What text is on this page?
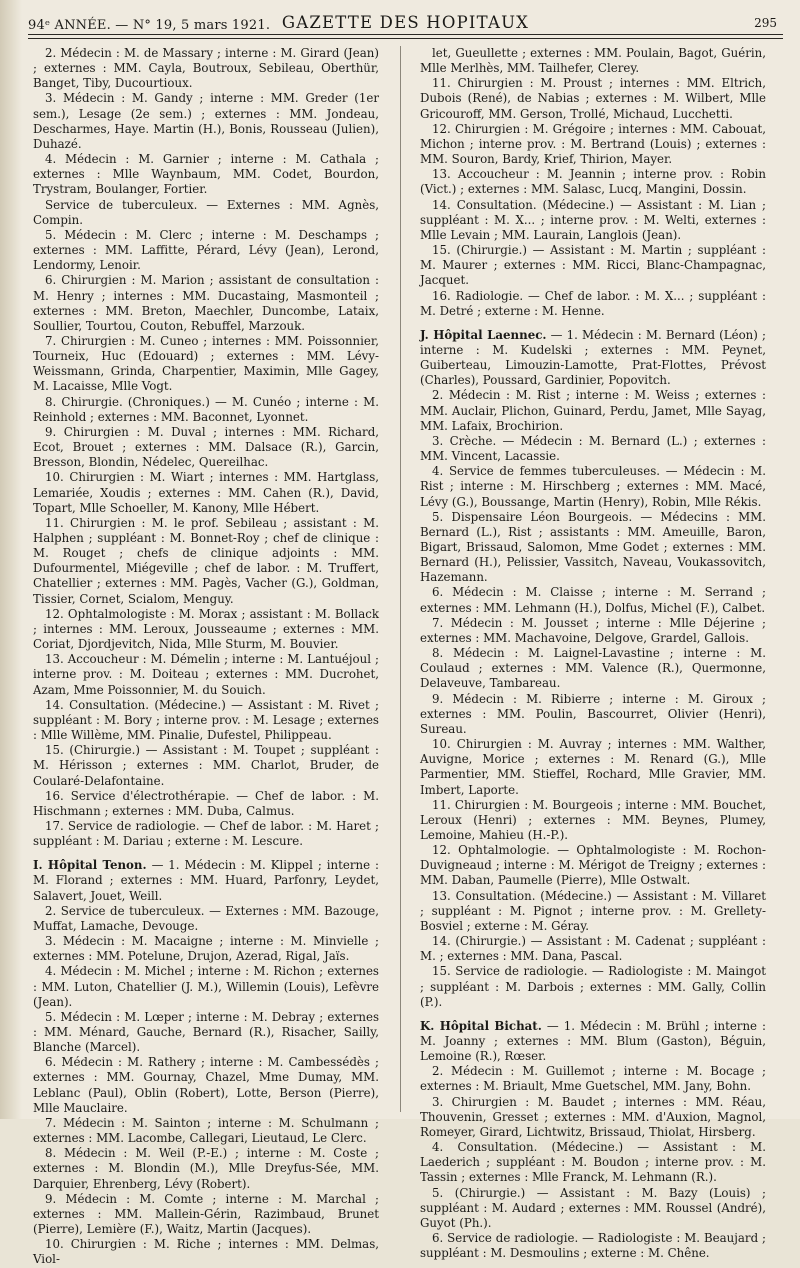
94ᵉ ANNÉE. — N° 19, 5 mars 1921. GAZETTE DES HOPITAUX	295

2. Médecin : M. de Massary ; interne : M. Girard (Jean) ; externes : MM. Cayla, Boutroux, Sebileau, Oberthür, Banget, Tiby, Ducourtioux.

3. Médecin : M. Gandy ; interne : MM. Greder (1er sem.), Lesage (2e sem.) ; externes : MM. Jondeau, Descharmes, Haye. Martin (H.), Bonis, Rousseau (Julien), Duhazé.

4. Médecin : M. Garnier ; interne : M. Cathala ; externes : Mlle Waynbaum, MM. Codet, Bourdon, Trystram, Boulanger, Fortier.

Service de tuberculeux. — Externes : MM. Agnès, Compin.

5. Médecin : M. Clerc ; interne : M. Deschamps ; externes : MM. Laffitte, Pérard, Lévy (Jean), Lerond, Lendormy, Lenoir.

6. Chirurgien : M. Marion ; assistant de consultation : M. Henry ; internes : MM. Ducastaing, Masmonteil ; externes : MM. Breton, Maechler, Duncombe, Lataix, Soullier, Tourtou, Couton, Rebuffel, Marzouk.

7. Chirurgien : M. Cuneo ; internes : MM. Poissonnier, Tourneix, Huc (Edouard) ; externes : MM. Lévy-Weissmann, Grinda, Charpentier, Maximin, Mlle Gagey, M. Lacaisse, Mlle Vogt.

8. Chirurgie. (Chroniques.) — M. Cunéo ; interne : M. Reinhold ; externes : MM. Baconnet, Lyonnet.

9. Chirurgien : M. Duval ; internes : MM. Richard, Ecot, Brouet ; externes : MM. Dalsace (R.), Garcin, Bresson, Blondin, Nédelec, Quereilhac.

10. Chirurgien : M. Wiart ; internes : MM. Hartglass, Lemariée, Xoudis ; externes : MM. Cahen (R.), David, Topart, Mlle Schoeller, M. Kanony, Mlle Hébert.

11. Chirurgien : M. le prof. Sebileau ; assistant : M. Halphen ; suppléant : M. Bonnet-Roy ; chef de clinique : M. Rouget ; chefs de clinique adjoints : MM. Dufourmentel, Miégeville ; chef de labor. : M. Truffert, Chatellier ; externes : MM. Pagès, Vacher (G.), Goldman, Tissier, Cornet, Scialom, Menguy.

12. Ophtalmologiste : M. Morax ; assistant : M. Bollack ; internes : MM. Leroux, Jousseaume ; externes : MM. Coriat, Djordjevitch, Nida, Mlle Sturm, M. Bouvier.

13. Accoucheur : M. Démelin ; interne : M. Lantuéjoul ; interne prov. : M. Doiteau ; externes : MM. Ducrohet, Azam, Mme Poissonnier, M. du Souich.

14. Consultation. (Médecine.) — Assistant : M. Rivet ; suppléant : M. Bory ; interne prov. : M. Lesage ; externes : Mlle Willème, MM. Pinalie, Dufestel, Philippeau.

15. (Chirurgie.) — Assistant : M. Toupet ; suppléant : M. Hérisson ; externes : MM. Charlot, Bruder, de Coularé-Delafontaine.

16. Service d'électrothérapie. — Chef de labor. : M. Hischmann ; externes : MM. Duba, Calmus.

17. Service de radiologie. — Chef de labor. : M. Haret ; suppléant : M. Dariau ; externe : M. Lescure.

I. Hôpital Tenon. — 1. Médecin : M. Klippel ; interne : M. Florand ; externes : MM. Huard, Parfonry, Leydet, Salavert, Jouet, Weill.

2. Service de tuberculeux. — Externes : MM. Bazouge, Muffat, Lamache, Devouge.

3. Médecin : M. Macaigne ; interne : M. Minvielle ; externes : MM. Potelune, Drujon, Azerad, Rigal, Jaïs.

4. Médecin : M. Michel ; interne : M. Richon ; externes : MM. Luton, Chatellier (J. M.), Willemin (Louis), Lefèvre (Jean).

5. Médecin : M. Lœper ; interne : M. Debray ; externes : MM. Ménard, Gauche, Bernard (R.), Risacher, Sailly, Blanche (Marcel).

6. Médecin : M. Rathery ; interne : M. Cambessédès ; externes : MM. Gournay, Chazel, Mme Dumay, MM. Leblanc (Paul), Oblin (Robert), Lotte, Berson (Pierre), Mlle Mauclaire.

7. Médecin : M. Sainton ; interne : M. Schulmann ; externes : MM. Lacombe, Callegari, Lieutaud, Le Clerc.

8. Médecin : M. Weil (P.-E.) ; interne : M. Coste ; externes : M. Blondin (M.), Mlle Dreyfus-Sée, MM. Darquier, Ehrenberg, Lévy (Robert).

9. Médecin : M. Comte ; interne : M. Marchal ; externes : MM. Mallein-Gérin, Razimbaud, Brunet (Pierre), Lemière (F.), Waitz, Martin (Jacques).

10. Chirurgien : M. Riche ; internes : MM. Delmas, Viol-

let, Gueullette ; externes : MM. Poulain, Bagot, Guérin, Mlle Merlhès, MM. Tailhefer, Clerey.

11. Chirurgien : M. Proust ; internes : MM. Eltrich, Dubois (René), de Nabias ; externes : M. Wilbert, Mlle Gricouroff, MM. Gerson, Trollé, Michaud, Lucchetti.

12. Chirurgien : M. Grégoire ; internes : MM. Cabouat, Michon ; interne prov. : M. Bertrand (Louis) ; externes : MM. Souron, Bardy, Krief, Thirion, Mayer.

13. Accoucheur : M. Jeannin ; interne prov. : Robin (Vict.) ; externes : MM. Salasc, Lucq, Mangini, Dossin.

14. Consultation. (Médecine.) — Assistant : M. Lian ; suppléant : M. X... ; interne prov. : M. Welti, externes : Mlle Levain ; MM. Laurain, Langlois (Jean).

15. (Chirurgie.) — Assistant : M. Martin ; suppléant : M. Maurer ; externes : MM. Ricci, Blanc-Champagnac, Jacquet.

16. Radiologie. — Chef de labor. : M. X... ; suppléant : M. Detré ; externe : M. Henne.

J. Hôpital Laennec. — 1. Médecin : M. Bernard (Léon) ; interne : M. Kudelski ; externes : MM. Peynet, Guiberteau, Limouzin-Lamotte, Prat-Flottes, Prévost (Charles), Poussard, Gardinier, Popovitch.

2. Médecin : M. Rist ; interne : M. Weiss ; externes : MM. Auclair, Plichon, Guinard, Perdu, Jamet, Mlle Sayag, MM. Lafaix, Brochirion.

3. Crèche. — Médecin : M. Bernard (L.) ; externes : MM. Vincent, Lacassie.

4. Service de femmes tuberculeuses. — Médecin : M. Rist ; interne : M. Hirschberg ; externes : MM. Macé, Lévy (G.), Boussange, Martin (Henry), Robin, Mlle Rékis.

5. Dispensaire Léon Bourgeois. — Médecins : MM. Bernard (L.), Rist ; assistants : MM. Ameuille, Baron, Bigart, Brissaud, Salomon, Mme Godet ; externes : MM. Bernard (H.), Pelissier, Vassitch, Naveau, Voukassovitch, Hazemann.

6. Médecin : M. Claisse ; interne : M. Serrand ; externes : MM. Lehmann (H.), Dolfus, Michel (F.), Calbet.

7. Médecin : M. Jousset ; interne : Mlle Déjerine ; externes : MM. Machavoine, Delgove, Grardel, Gallois.

8. Médecin : M. Laignel-Lavastine ; interne : M. Coulaud ; externes : MM. Valence (R.), Quermonne, Delaveuve, Tambareau.

9. Médecin : M. Ribierre ; interne : M. Giroux ; externes : MM. Poulin, Bascourret, Olivier (Henri), Sureau.

10. Chirurgien : M. Auvray ; internes : MM. Walther, Auvigne, Morice ; externes : M. Renard (G.), Mlle Parmentier, MM. Stieffel, Rochard, Mlle Gravier, MM. Imbert, Laporte.

11. Chirurgien : M. Bourgeois ; interne : MM. Bouchet, Leroux (Henri) ; externes : MM. Beynes, Plumey, Lemoine, Mahieu (H.-P.).

12. Ophtalmologie. — Ophtalmologiste : M. Rochon-Duvigneaud ; interne : M. Mérigot de Treigny ; externes : MM. Daban, Paumelle (Pierre), Mlle Ostwalt.

13. Consultation. (Médecine.) — Assistant : M. Villaret ; suppléant : M. Pignot ; interne prov. : M. Grellety-Bosviel ; externe : M. Géray.

14. (Chirurgie.) — Assistant : M. Cadenat ; suppléant : M. ; externes : MM. Dana, Pascal.

15. Service de radiologie. — Radiologiste : M. Maingot ; suppléant : M. Darbois ; externes : MM. Gally, Collin (P.).

K. Hôpital Bichat. — 1. Médecin : M. Brühl ; interne : M. Joanny ; externes : MM. Blum (Gaston), Béguin, Lemoine (R.), Rœser.

2. Médecin : M. Guillemot ; interne : M. Bocage ; externes : M. Briault, Mme Guetschel, MM. Jany, Bohn.

3. Chirurgien : M. Baudet ; internes : MM. Réau, Thouvenin, Gresset ; externes : MM. d'Auxion, Magnol, Romeyer, Girard, Lichtwitz, Brissaud, Thiolat, Hirsberg.

4. Consultation. (Médecine.) — Assistant : M. Laederich ; suppléant : M. Boudon ; interne prov. : M. Tassin ; externes : Mlle Franck, M. Lehmann (R.).

5. (Chirurgie.) — Assistant : M. Bazy (Louis) ; suppléant : M. Audard ; externes : MM. Roussel (André), Guyot (Ph.).

6. Service de radiologie. — Radiologiste : M. Beaujard ; suppléant : M. Desmoulins ; externe : M. Chêne.
